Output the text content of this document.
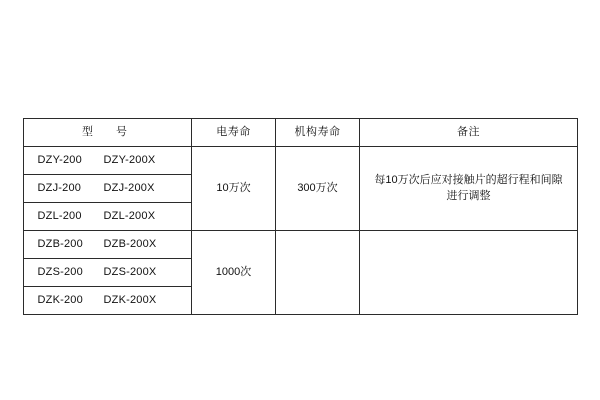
型　号	电寿命	机构寿命	备注
DZY-200 DZY-200X	10万次	300万次	每10万次后应对接触片的超行程和间隙
进行调整

DZJ-200 DZJ-200X			
DZL-200 DZL-200X			
DZB-200 DZB-200X	1000次		
DZS-200 DZS-200X			
DZK-200 DZK-200X			
